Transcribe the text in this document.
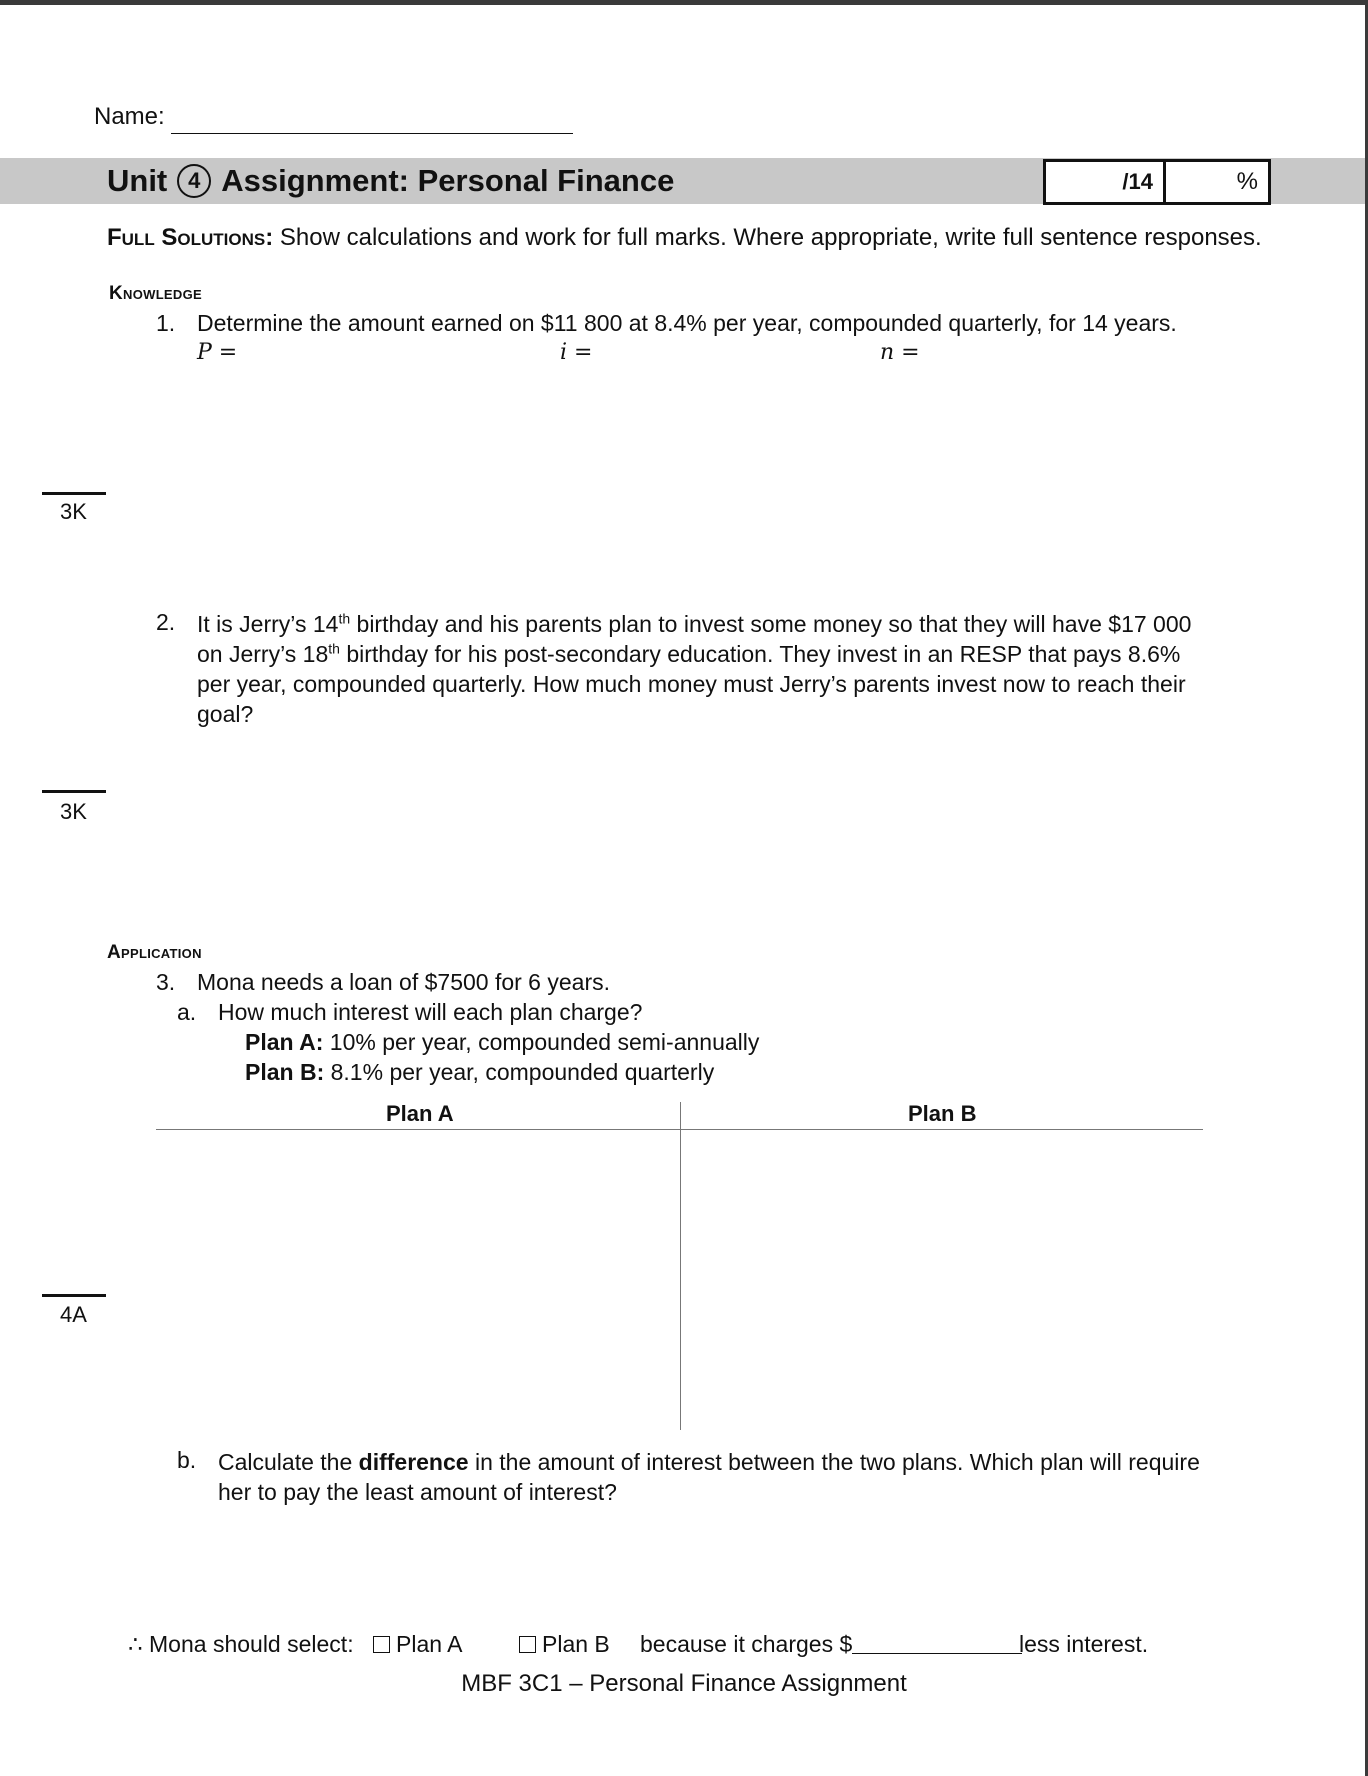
Name:
Unit 4 Assignment: Personal Finance	/14	%
Full Solutions: Show calculations and work for full marks. Where appropriate, write full sentence responses.
Knowledge
1. Determine the amount earned on $11 800 at 8.4% per year, compounded quarterly, for 14 years.
P =	i =	n =
3K
2. It is Jerry’s 14th birthday and his parents plan to invest some money so that they will have $17 000 on Jerry’s 18th birthday for his post-secondary education. They invest in an RESP that pays 8.6% per year, compounded quarterly. How much money must Jerry’s parents invest now to reach their goal?
3K
Application
3. Mona needs a loan of $7500 for 6 years.
a. How much interest will each plan charge?
Plan A: 10% per year, compounded semi-annually
Plan B: 8.1% per year, compounded quarterly
Plan A	Plan B
4A
b. Calculate the difference in the amount of interest between the two plans. Which plan will require her to pay the least amount of interest?
∴ Mona should select:	Plan A	Plan B because it charges $	less interest.
MBF 3C1 – Personal Finance Assignment
